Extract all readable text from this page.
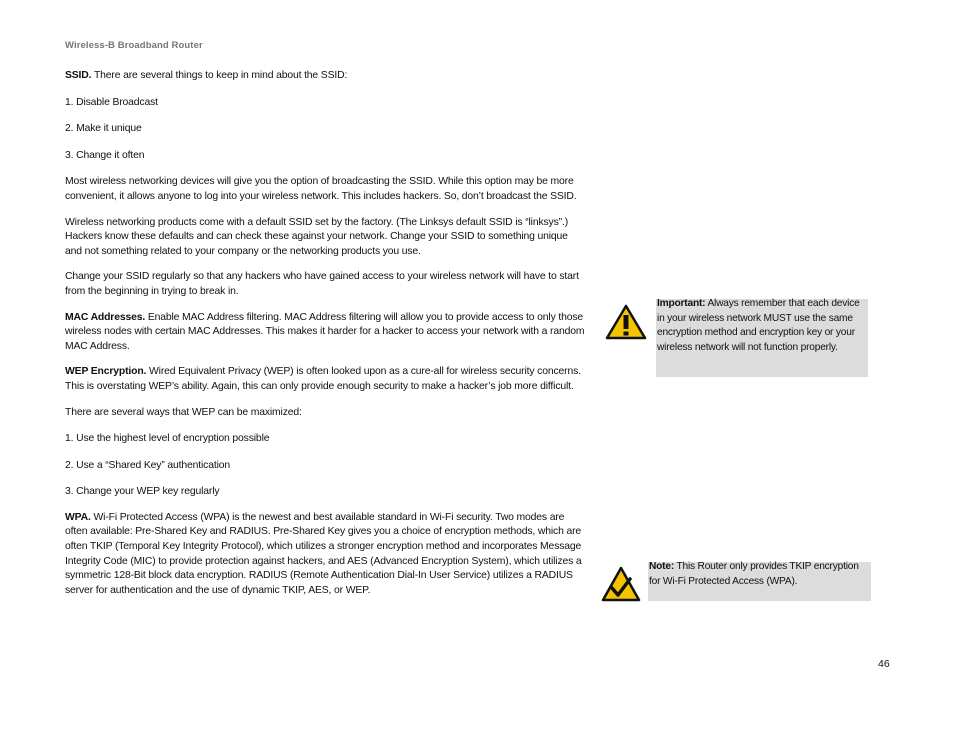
Wireless-B Broadband Router

SSID. There are several things to keep in mind about the SSID:

1. Disable Broadcast

2. Make it unique

3. Change it often

Most wireless networking devices will give you the option of broadcasting the SSID. While this option may be more convenient, it allows anyone to log into your wireless network. This includes hackers. So, don’t broadcast the SSID.

Wireless networking products come with a default SSID set by the factory. (The Linksys default SSID is “linksys”.) Hackers know these defaults and can check these against your network. Change your SSID to something unique and not something related to your company or the networking products you use.

Change your SSID regularly so that any hackers who have gained access to your wireless network will have to start from the beginning in trying to break in.

MAC Addresses. Enable MAC Address filtering. MAC Address filtering will allow you to provide access to only those wireless nodes with certain MAC Addresses. This makes it harder for a hacker to access your network with a random MAC Address.

WEP Encryption. Wired Equivalent Privacy (WEP) is often looked upon as a cure-all for wireless security concerns. This is overstating WEP’s ability. Again, this can only provide enough security to make a hacker’s job more difficult.

There are several ways that WEP can be maximized:

1. Use the highest level of encryption possible

2. Use a “Shared Key” authentication

3. Change your WEP key regularly

WPA. Wi-Fi Protected Access (WPA) is the newest and best available standard in Wi-Fi security. Two modes are often available: Pre-Shared Key and RADIUS. Pre-Shared Key gives you a choice of encryption methods, which are often TKIP (Temporal Key Integrity Protocol), which utilizes a stronger encryption method and incorporates Message Integrity Code (MIC) to provide protection against hackers, and AES (Advanced Encryption System), which utilizes a symmetric 128-Bit block data encryption. RADIUS (Remote Authentication Dial-In User Service) utilizes a RADIUS server for authentication and the use of dynamic TKIP, AES, or WEP.

Important: Always remember that each device in your wireless network MUST use the same encryption method and encryption key or your wireless network will not function properly.

Note: This Router only provides TKIP encryption for Wi-Fi Protected Access (WPA).

46
